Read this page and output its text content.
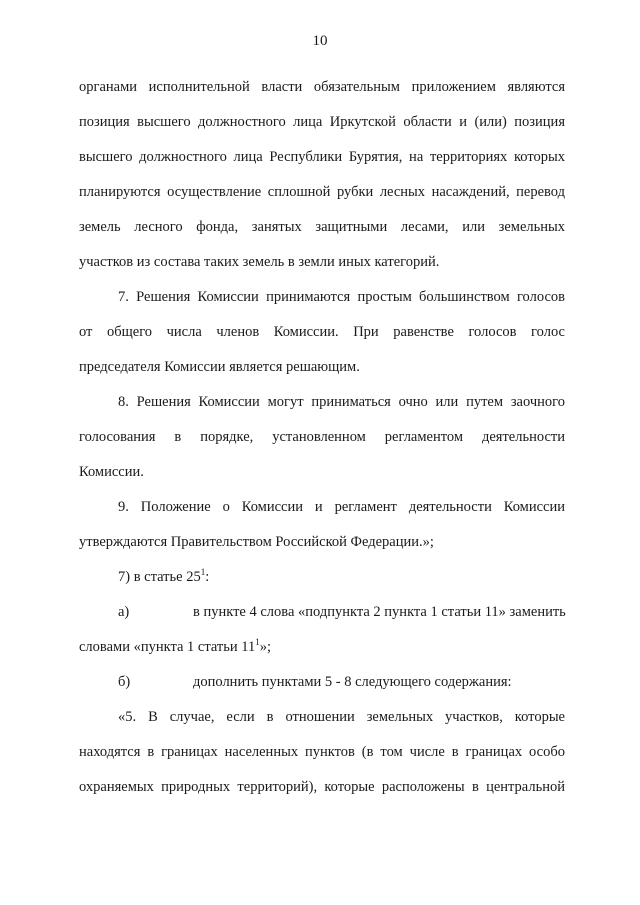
10
органами исполнительной власти обязательным приложением являются
позиция высшего должностного лица Иркутской области и (или) позиция
высшего должностного лица Республики Бурятия, на территориях которых
планируются осуществление сплошной рубки лесных насаждений, перевод
земель лесного фонда, занятых защитными лесами, или земельных
участков из состава таких земель в земли иных категорий.
7. Решения Комиссии принимаются простым большинством голосов
от общего числа членов Комиссии. При равенстве голосов голос
председателя Комиссии является решающим.
8. Решения Комиссии могут приниматься очно или путем заочного
голосования в порядке, установленном регламентом деятельности
Комиссии.
9. Положение о Комиссии и регламент деятельности Комиссии
утверждаются Правительством Российской Федерации.»;
7) в статье $25^1$:
а)	в пункте 4 слова «подпункта 2 пункта 1 статьи 11» заменить
словами «пункта 1 статьи $11^1$»;
б)	дополнить пунктами 5 - 8 следующего содержания:
«5. В случае, если в отношении земельных участков, которые
находятся в границах населенных пунктов (в том числе в границах особо
охраняемых природных территорий), которые расположены в центральной
